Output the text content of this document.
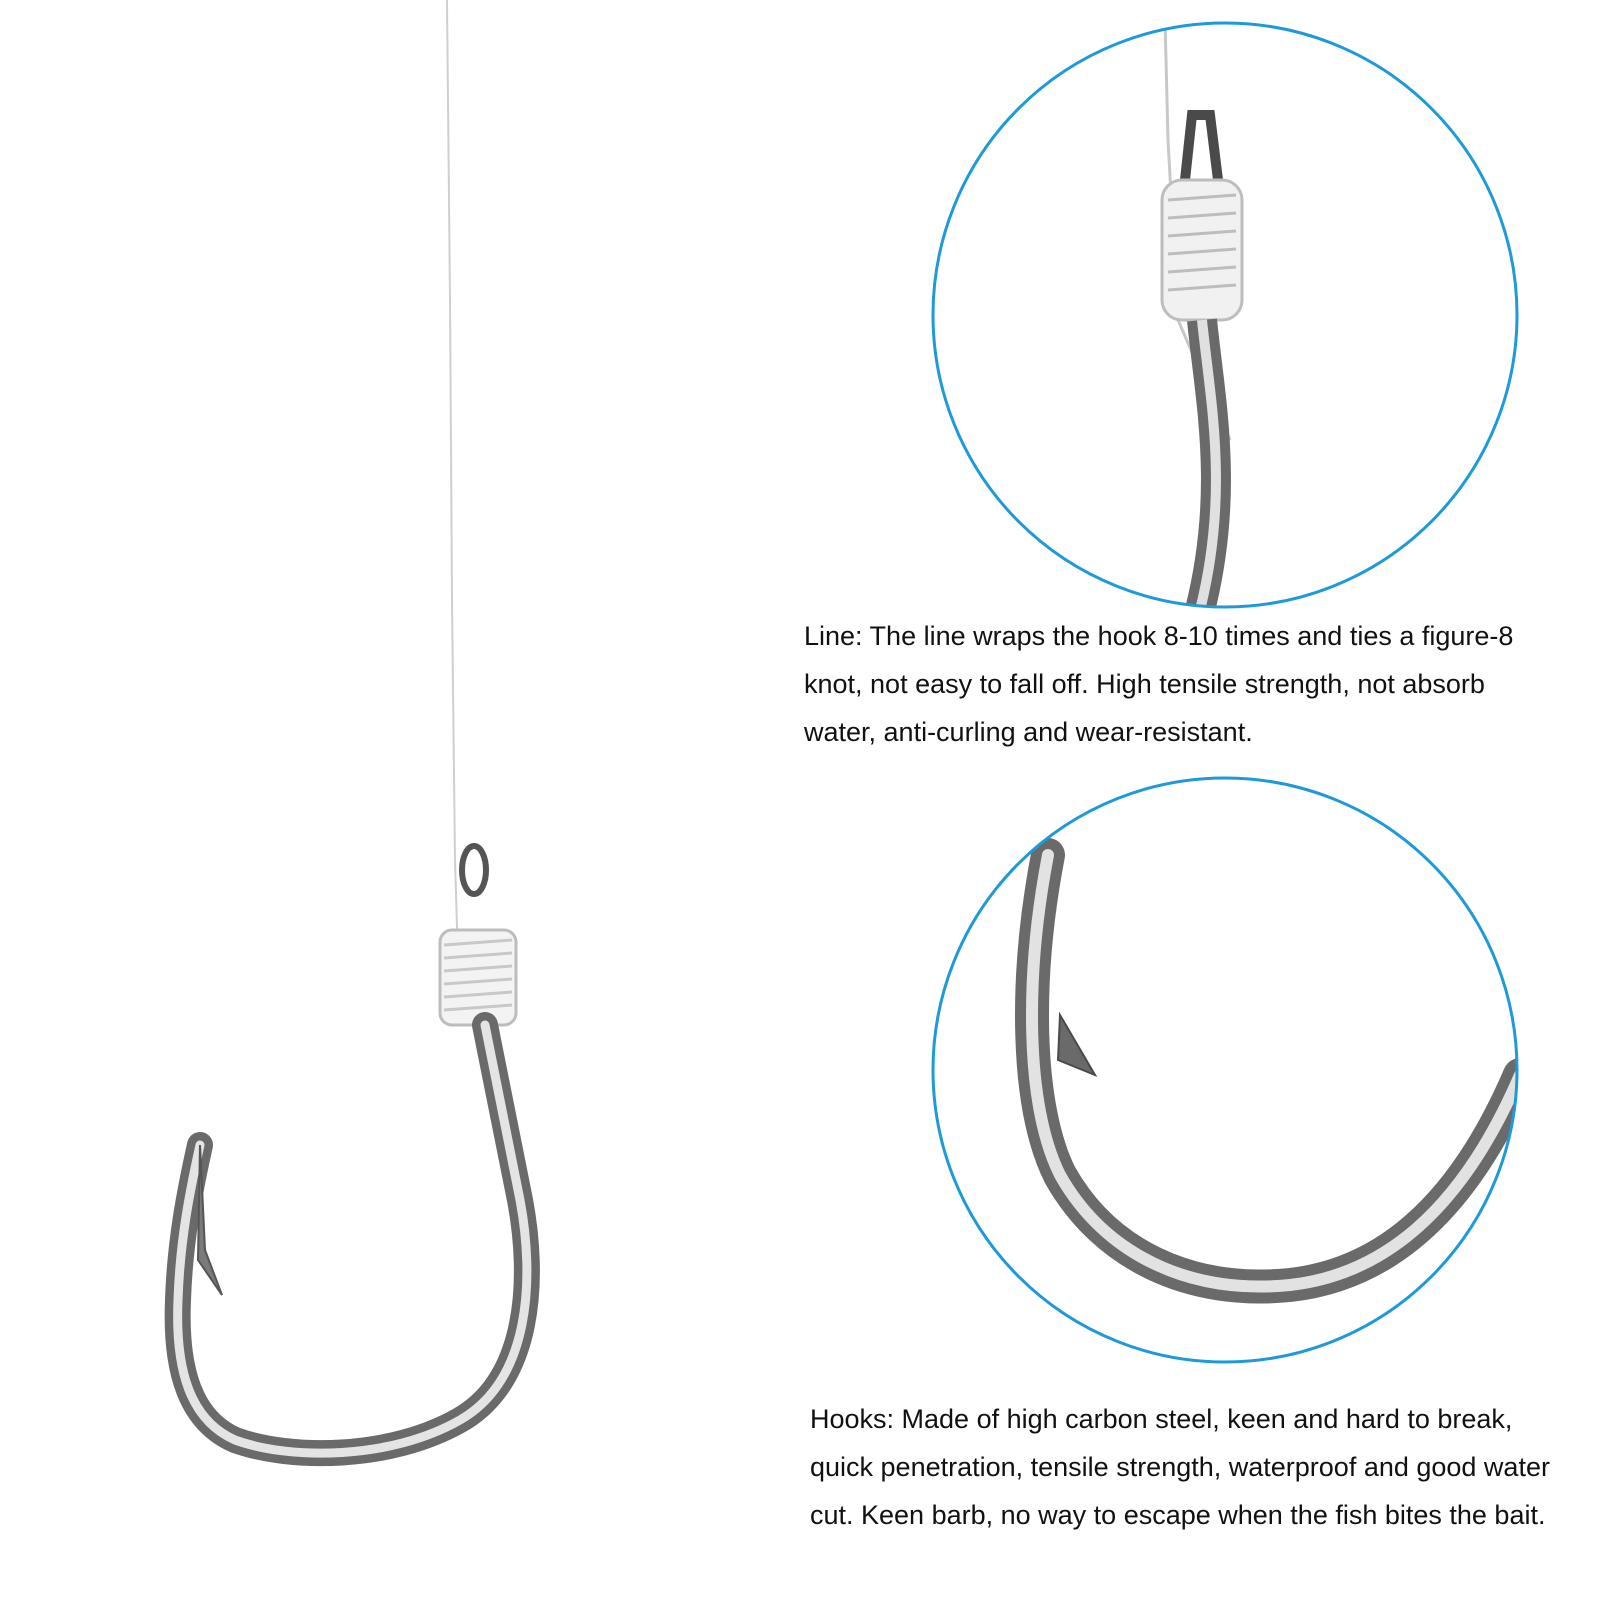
Line: The line wraps the hook 8-10 times and ties a figure-8 knot, not easy to fall off. High tensile strength, not absorb water, anti-curling and wear-resistant.

Hooks: Made of high carbon steel, keen and hard to break, quick penetration, tensile strength, waterproof and good water cut. Keen barb, no way to escape when the fish bites the bait.
